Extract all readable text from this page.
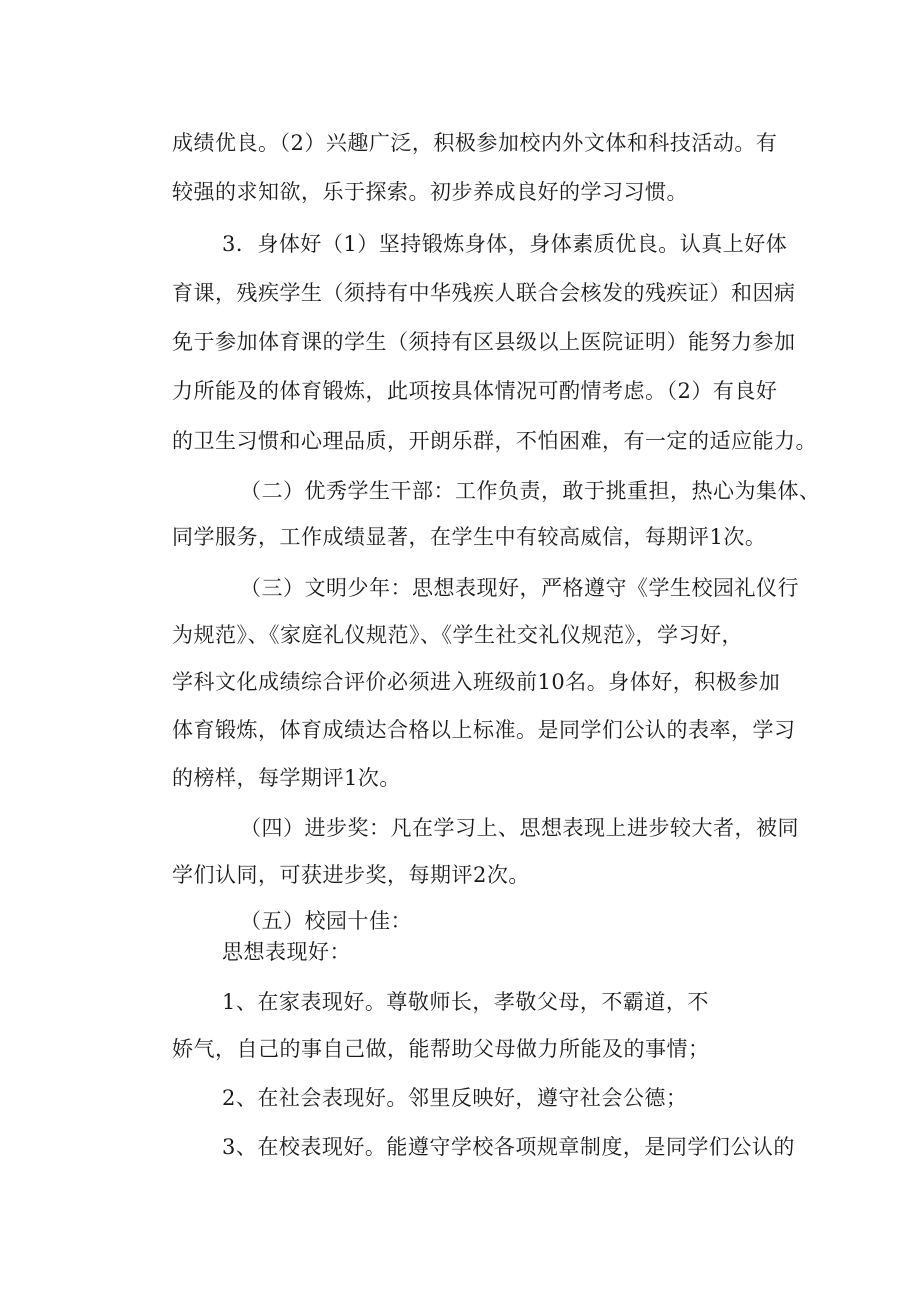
成绩优良。（2）兴趣广泛，积极参加校内外文体和科技活动。有
较强的求知欲，乐于探索。初步养成良好的学习习惯。
3．身体好（1）坚持锻炼身体，身体素质优良。认真上好体
育课，残疾学生（须持有中华残疾人联合会核发的残疾证）和因病
免于参加体育课的学生（须持有区县级以上医院证明）能努力参加
力所能及的体育锻炼，此项按具体情况可酌情考虑。（2）有良好
的卫生习惯和心理品质，开朗乐群，不怕困难，有一定的适应能力。
（二）优秀学生干部：工作负责，敢于挑重担，热心为集体、
同学服务，工作成绩显著，在学生中有较高威信，每期评1次。
（三）文明少年：思想表现好，严格遵守《学生校园礼仪行
为规范》、《家庭礼仪规范》、《学生社交礼仪规范》，学习好，
学科文化成绩综合评价必须进入班级前10名。身体好，积极参加
体育锻炼，体育成绩达合格以上标准。是同学们公认的表率，学习
的榜样，每学期评1次。
（四）进步奖：凡在学习上、思想表现上进步较大者，被同
学们认同，可获进步奖，每期评2次。
（五）校园十佳：
思想表现好：
1、在家表现好。尊敬师长，孝敬父母，不霸道，不
娇气，自己的事自己做，能帮助父母做力所能及的事情；
2、在社会表现好。邻里反映好，遵守社会公德；
3、在校表现好。能遵守学校各项规章制度，是同学们公认的
